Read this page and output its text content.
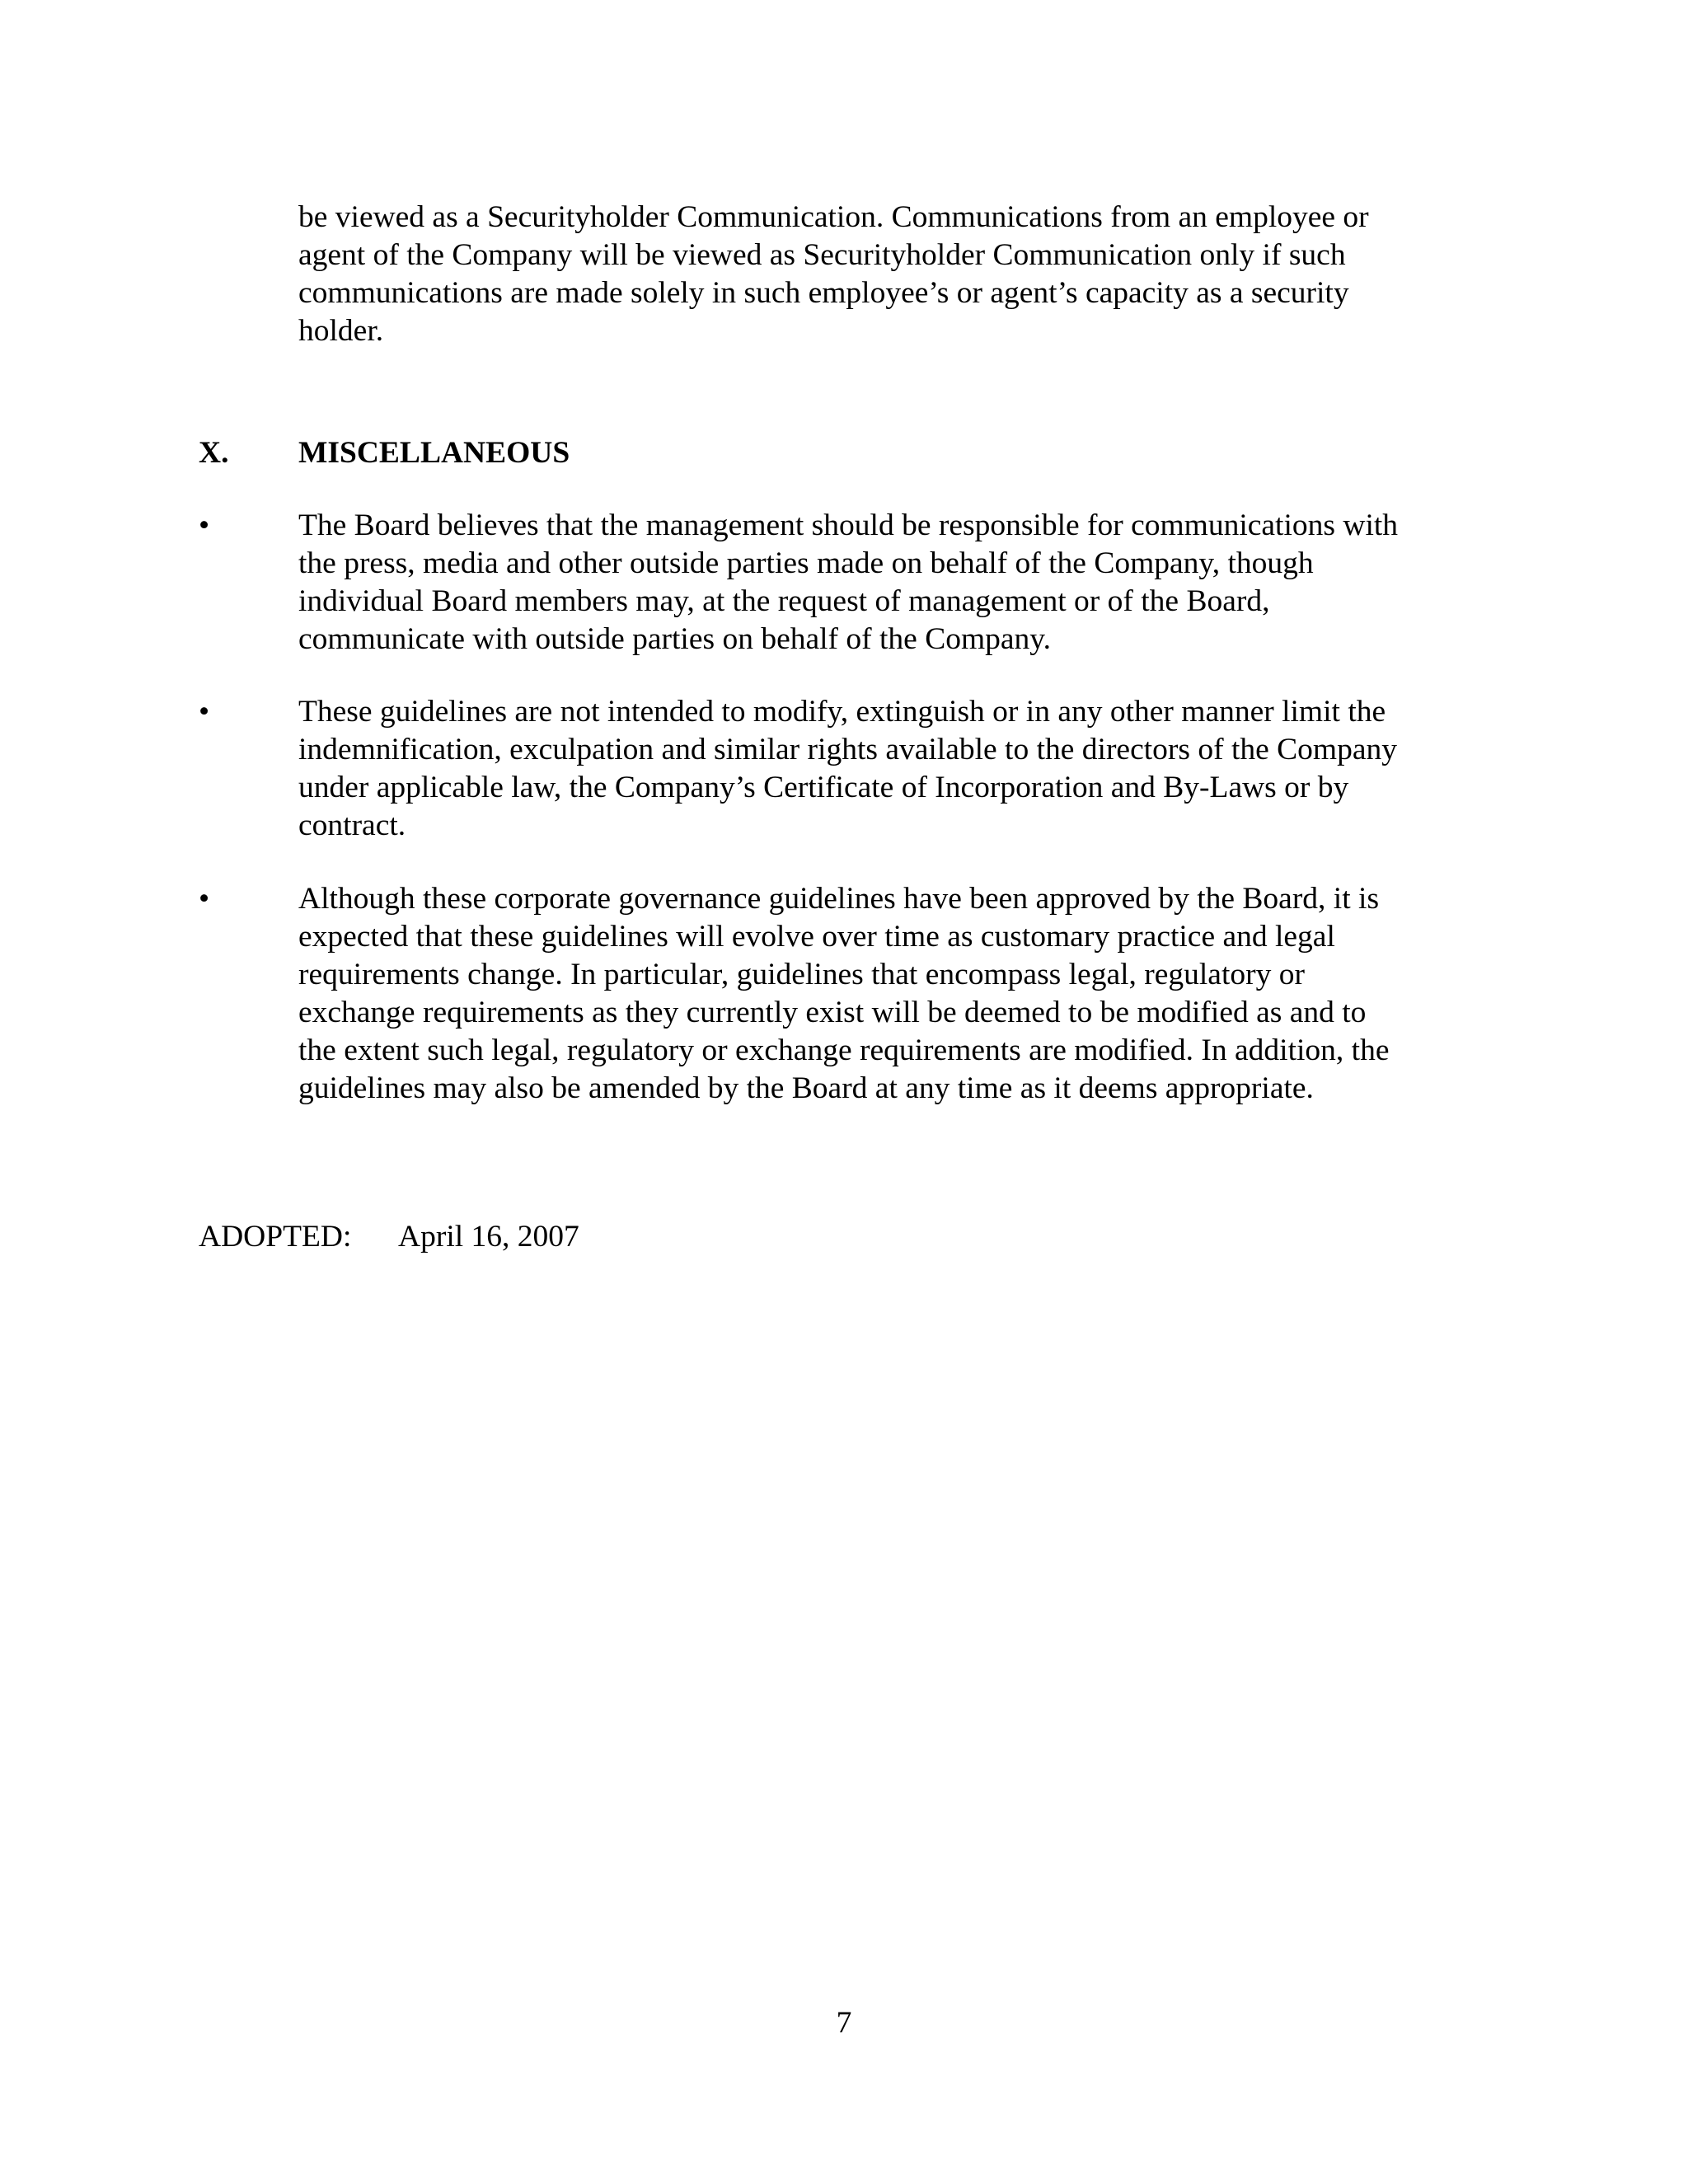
be viewed as a Securityholder Communication. Communications from an employee or
agent of the Company will be viewed as Securityholder Communication only if such
communications are made solely in such employee’s or agent’s capacity as a security
holder.
X. MISCELLANEOUS
•	The Board believes that the management should be responsible for communications with
the press, media and other outside parties made on behalf of the Company, though
individual Board members may, at the request of management or of the Board,
communicate with outside parties on behalf of the Company.
•	These guidelines are not intended to modify, extinguish or in any other manner limit the
indemnification, exculpation and similar rights available to the directors of the Company
under applicable law, the Company’s Certificate of Incorporation and By-Laws or by
contract.
•	Although these corporate governance guidelines have been approved by the Board, it is
expected that these guidelines will evolve over time as customary practice and legal
requirements change. In particular, guidelines that encompass legal, regulatory or
exchange requirements as they currently exist will be deemed to be modified as and to
the extent such legal, regulatory or exchange requirements are modified. In addition, the
guidelines may also be amended by the Board at any time as it deems appropriate.
ADOPTED: April 16, 2007
7
